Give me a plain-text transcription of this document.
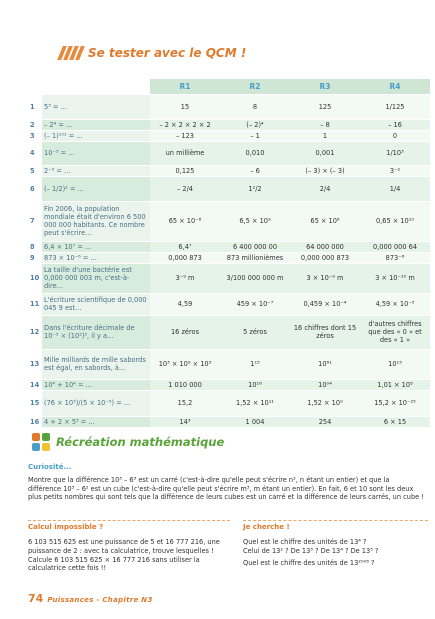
Se tester avec le QCM !
		R1	R2	R3	R4
1	5³ = ...	15	8	125	1/125
2	– 2⁴ = ...	– 2 × 2 × 2 × 2	(– 2)⁴	– 8	– 16
3	(– 1)¹⁰¹ = ...	– 123	– 1	1	0
4	10⁻³ = ...	un millième	0,010	0,001	1/10³
5	2⁻³ = ...	0,125	– 6	(– 3) × (– 3)	3⁻²
6	(– 1/2)² = ...	– 2/4	1²/2	2/4	1/4
7	Fin 2006, la population mondiale était d'environ 6 500 000 000 habitants. Ce nombre peut s'écrire...	65 × 10⁻⁸	6,5 × 10⁹	65 × 10⁸	0,65 × 10¹⁰
8	6,4 × 10⁷ = ...	6,4⁷	6 400 000 00	64 000 000	0,000 000 64
9	873 × 10⁻⁶ = ...	0,000 873	873 millionièmes	0,000 000 873	873⁻⁶
10	La taille d'une bactérie est 0,000 000 003 m, c'est-à-dire...	3⁻⁹ m	3/100 000 000 m	3 × 10⁻⁹ m	3 × 10⁻¹⁰ m
11	L'écriture scientifique de 0,000 045 9 est...	4,59	459 × 10⁻⁷	0,459 × 10⁻⁴	4,59 × 10⁻⁵
12	Dans l'écriture décimale de 10⁻⁵ × (10²)³, il y a...	16 zéros	5 zéros	16 chiffres dont 15 zéros	d'autres chiffres que des « 0 » et des « 1 »
13	Mille milliards de mille sabords est égal, en sabords, à...	10³ × 10⁹ × 10³	1¹⁵	10⁸¹	10¹⁵
14	10⁴ + 10⁴ = ...	1 010 000	10¹⁶	10⁰⁴	1,01 × 10⁸
15	(76 × 10⁵)/(5 × 10⁻⁵) = ...	15,2	1,52 × 10¹¹	1,52 × 10⁹	15,2 × 10⁻²⁵
16	4 + 2 × 5³ = ...	14³	1 004	254	6 × 15
Récréation mathématique
Curiosité...
Montre que la différence 10³ – 6³ est un carré (c'est-à-dire qu'elle peut s'écrire n², n étant un entier) et que la différence 10³ – 6² est un cube (c'est-à-dire qu'elle peut s'écrire m³, m étant un entier). En fait, 6 et 10 sont les deux plus petits nombres qui sont tels que la différence de leurs cubes est un carré et la différence de leurs carrés, un cube !
Calcul impossible ?
6 103 515 625 est une puissance de 5 et 16 777 216, une puissance de 2 : avec ta calculatrice, trouve lesquelles !
Calcule 6 103 515 625 × 16 777 216 sans utiliser la calculatrice cette fois !!
Je cherche !
Quel est le chiffre des unités de 13⁴ ?
Celui de 13² ? De 13³ ? De 13⁴ ? De 13⁵ ?
Quel est le chiffre des unités de 13²⁰⁰⁸ ?
74 Puissances - Chapitre N3
